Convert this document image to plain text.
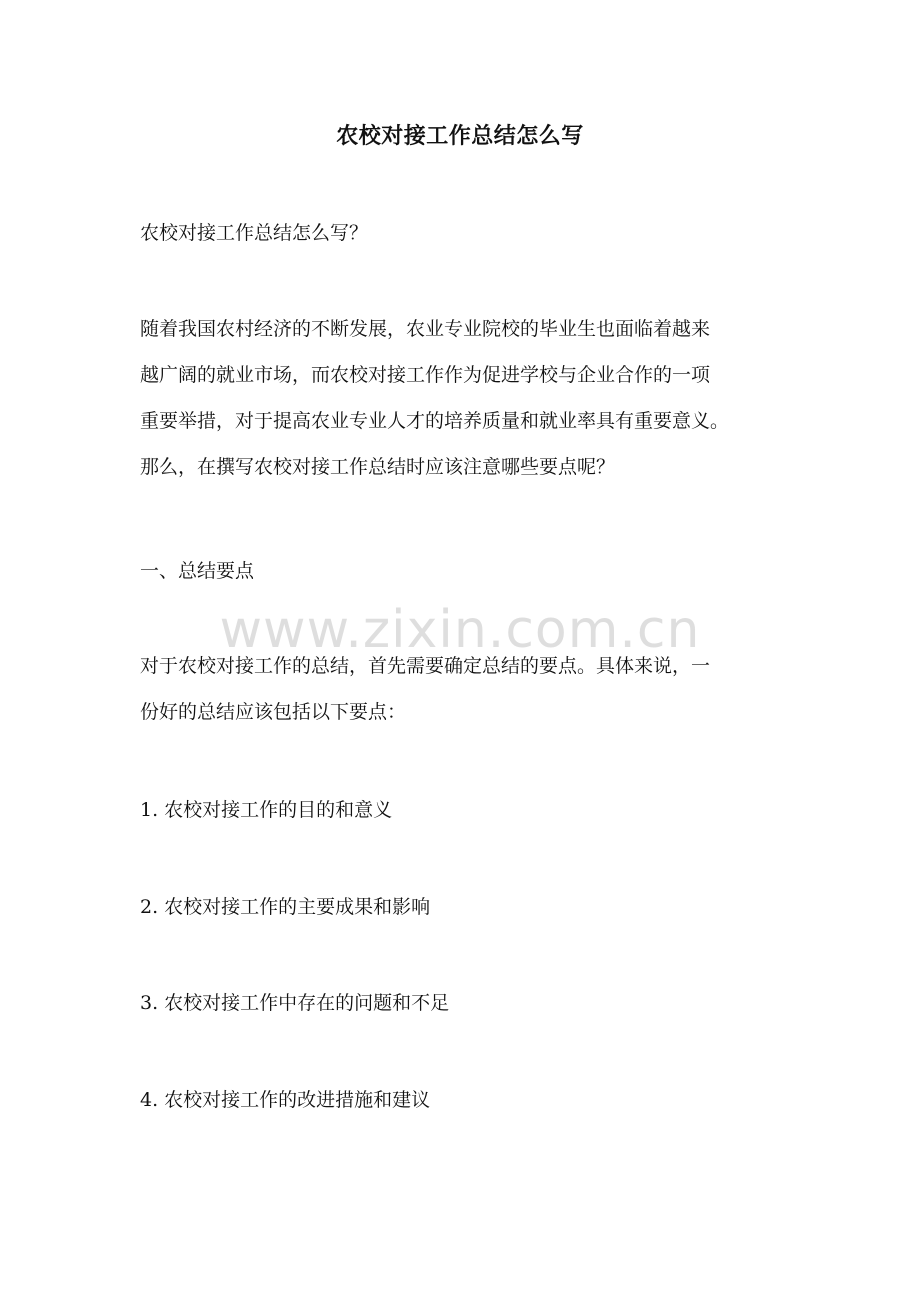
农校对接工作总结怎么写
农校对接工作总结怎么写？
随着我国农村经济的不断发展，农业专业院校的毕业生也面临着越来
越广阔的就业市场，而农校对接工作作为促进学校与企业合作的一项
重要举措，对于提高农业专业人才的培养质量和就业率具有重要意义。
那么，在撰写农校对接工作总结时应该注意哪些要点呢？
一、总结要点
www.zixin.com.cn
对于农校对接工作的总结，首先需要确定总结的要点。具体来说，一
份好的总结应该包括以下要点：
1. 农校对接工作的目的和意义
2. 农校对接工作的主要成果和影响
3. 农校对接工作中存在的问题和不足
4. 农校对接工作的改进措施和建议
